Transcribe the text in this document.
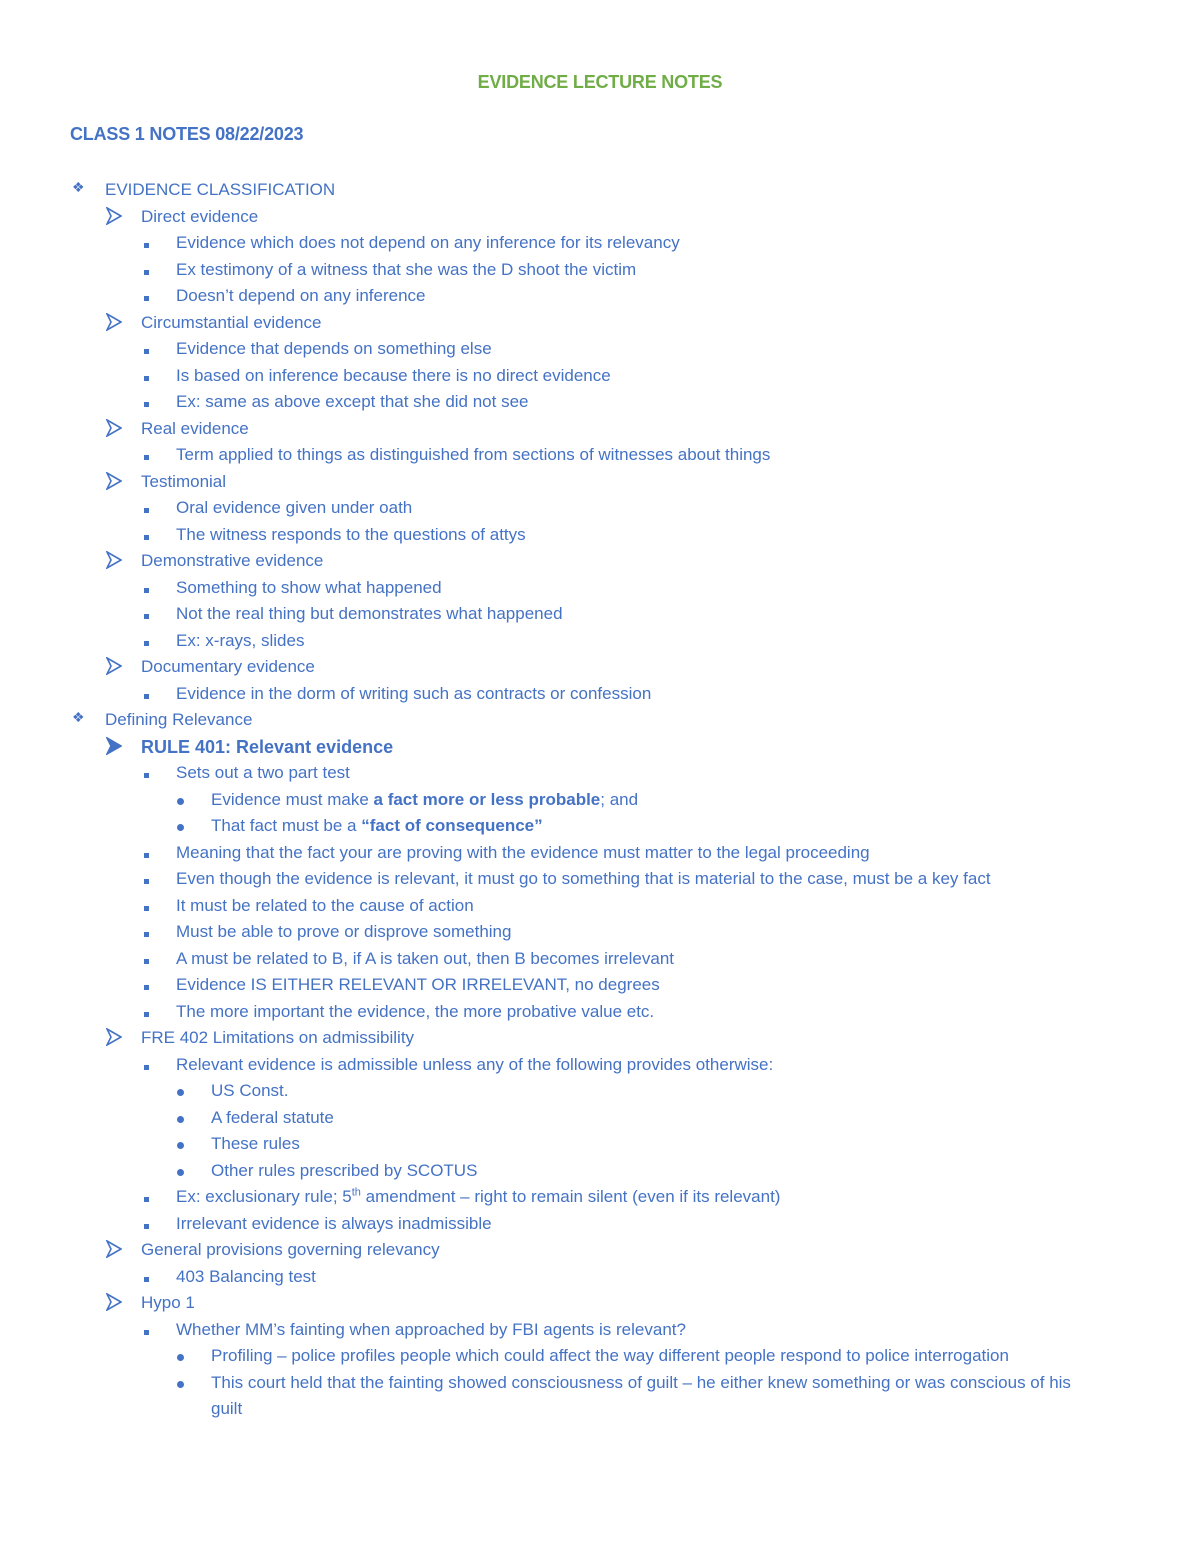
EVIDENCE LECTURE NOTES
CLASS 1 NOTES 08/22/2023
❖	EVIDENCE CLASSIFICATION
Direct evidence
Evidence which does not depend on any inference for its relevancy
Ex testimony of a witness that she was the D shoot the victim
Doesn’t depend on any inference
Circumstantial evidence
Evidence that depends on something else
Is based on inference because there is no direct evidence
Ex: same as above except that she did not see
Real evidence
Term applied to things as distinguished from sections of witnesses about things
Testimonial
Oral evidence given under oath
The witness responds to the questions of attys
Demonstrative evidence
Something to show what happened
Not the real thing but demonstrates what happened
Ex: x-rays, slides
Documentary evidence
Evidence in the dorm of writing such as contracts or confession
❖	Defining Relevance
RULE 401: Relevant evidence
Sets out a two part test
Evidence must make a fact more or less probable; and
That fact must be a “fact of consequence”
Meaning that the fact your are proving with the evidence must matter to the legal proceeding
Even though the evidence is relevant, it must go to something that is material to the case, must be a key fact
It must be related to the cause of action
Must be able to prove or disprove something
A must be related to B, if A is taken out, then B becomes irrelevant
Evidence IS EITHER RELEVANT OR IRRELEVANT, no degrees
The more important the evidence, the more probative value etc.
FRE 402 Limitations on admissibility
Relevant evidence is admissible unless any of the following provides otherwise:
US Const.
A federal statute
These rules
Other rules prescribed by SCOTUS
Ex: exclusionary rule; 5th amendment – right to remain silent (even if its relevant)
Irrelevant evidence is always inadmissible
General provisions governing relevancy
403 Balancing test
Hypo 1
Whether MM’s fainting when approached by FBI agents is relevant?
Profiling – police profiles people which could affect the way different people respond to police interrogation
This court held that the fainting showed consciousness of guilt – he either knew something or was conscious of his guilt
